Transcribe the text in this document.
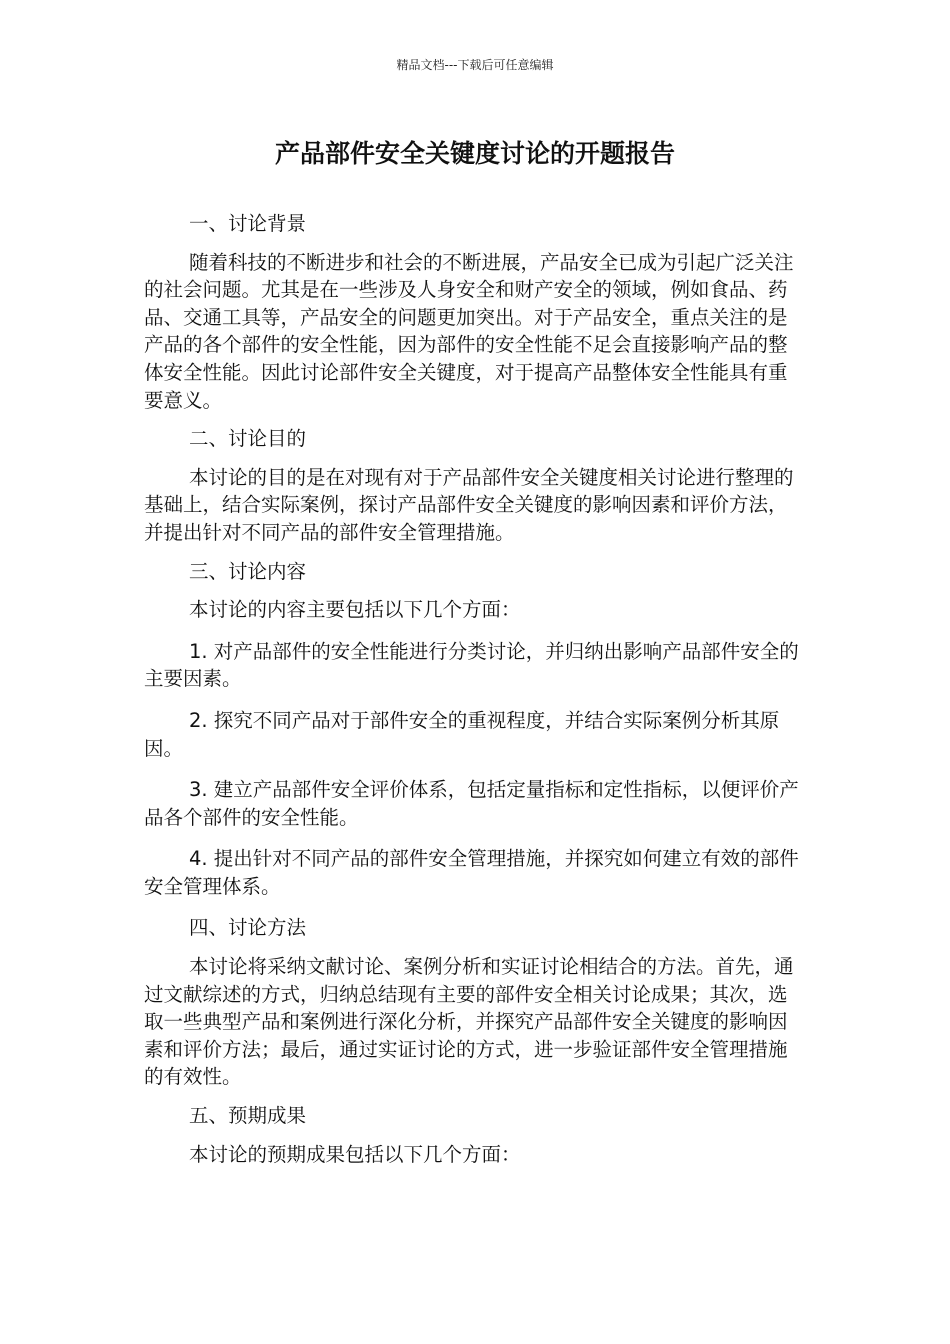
精品文档---下载后可任意编辑
产品部件安全关键度讨论的开题报告

一、讨论背景

随着科技的不断进步和社会的不断进展，产品安全已成为引起广泛关注的社会问题。尤其是在一些涉及人身安全和财产安全的领域，例如食品、药品、交通工具等，产品安全的问题更加突出。对于产品安全，重点关注的是产品的各个部件的安全性能，因为部件的安全性能不足会直接影响产品的整体安全性能。因此讨论部件安全关键度，对于提高产品整体安全性能具有重要意义。

二、讨论目的

本讨论的目的是在对现有对于产品部件安全关键度相关讨论进行整理的基础上，结合实际案例，探讨产品部件安全关键度的影响因素和评价方法，并提出针对不同产品的部件安全管理措施。

三、讨论内容

本讨论的内容主要包括以下几个方面：

1. 对产品部件的安全性能进行分类讨论，并归纳出影响产品部件安全的主要因素。

2. 探究不同产品对于部件安全的重视程度，并结合实际案例分析其原因。

3. 建立产品部件安全评价体系，包括定量指标和定性指标，以便评价产品各个部件的安全性能。

4. 提出针对不同产品的部件安全管理措施，并探究如何建立有效的部件安全管理体系。

四、讨论方法

本讨论将采纳文献讨论、案例分析和实证讨论相结合的方法。首先，通过文献综述的方式，归纳总结现有主要的部件安全相关讨论成果；其次，选取一些典型产品和案例进行深化分析，并探究产品部件安全关键度的影响因素和评价方法；最后，通过实证讨论的方式，进一步验证部件安全管理措施的有效性。

五、预期成果

本讨论的预期成果包括以下几个方面：
